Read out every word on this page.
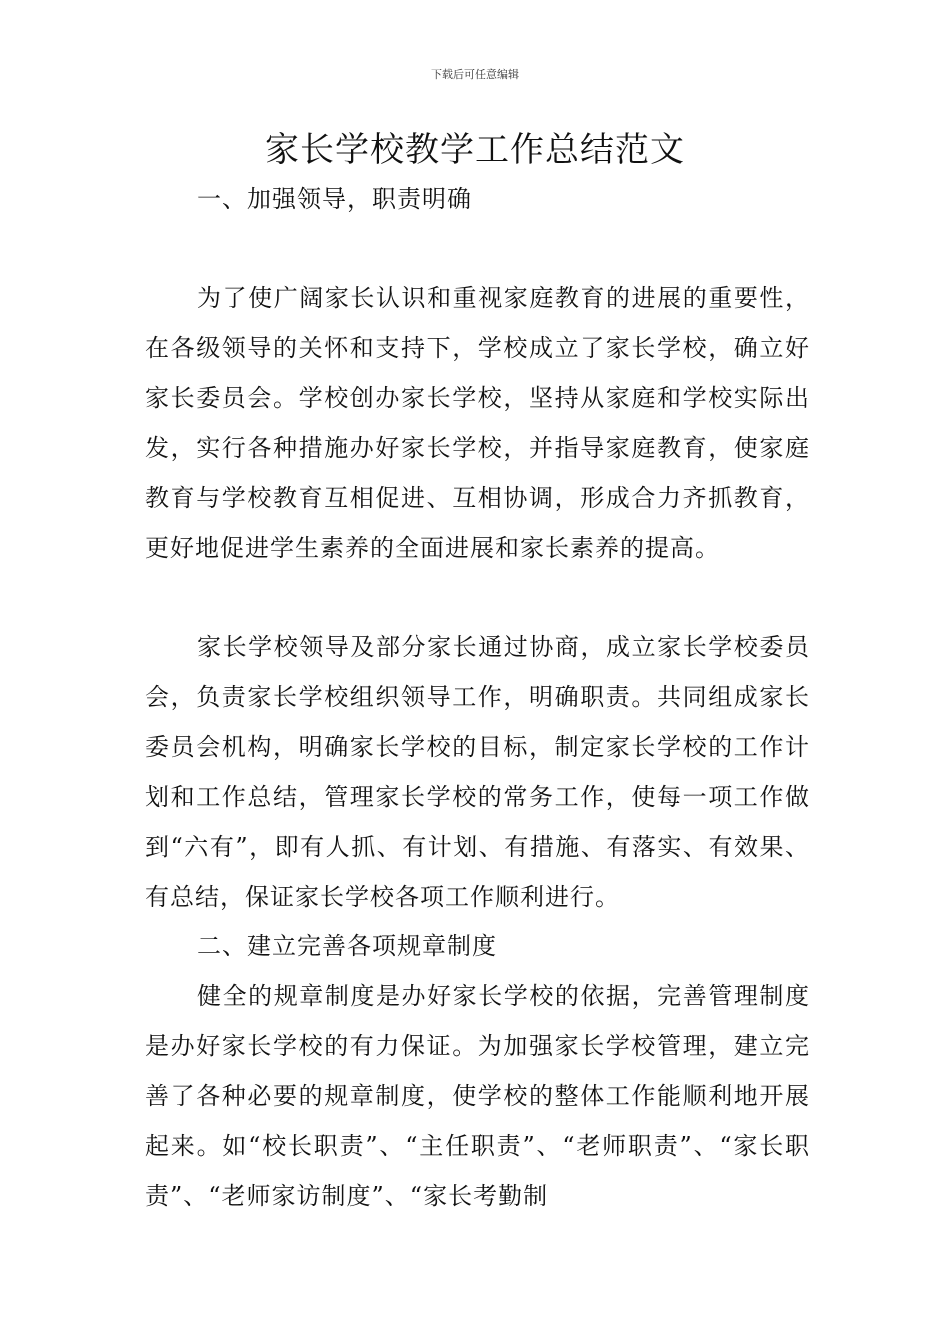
下载后可任意编辑
家长学校教学工作总结范文
一、加强领导，职责明确

为了使广阔家长认识和重视家庭教育的进展的重要性，在各级领导的关怀和支持下，学校成立了家长学校，确立好家长委员会。学校创办家长学校，坚持从家庭和学校实际出发，实行各种措施办好家长学校，并指导家庭教育，使家庭教育与学校教育互相促进、互相协调，形成合力齐抓教育，更好地促进学生素养的全面进展和家长素养的提高。

家长学校领导及部分家长通过协商，成立家长学校委员会，负责家长学校组织领导工作，明确职责。共同组成家长委员会机构，明确家长学校的目标，制定家长学校的工作计划和工作总结，管理家长学校的常务工作，使每一项工作做到“六有”，即有人抓、有计划、有措施、有落实、有效果、有总结，保证家长学校各项工作顺利进行。

二、建立完善各项规章制度

健全的规章制度是办好家长学校的依据，完善管理制度是办好家长学校的有力保证。为加强家长学校管理，建立完善了各种必要的规章制度，使学校的整体工作能顺利地开展起来。如“校长职责”、“主任职责”、“老师职责”、“家长职责”、“老师家访制度”、“家长考勤制
